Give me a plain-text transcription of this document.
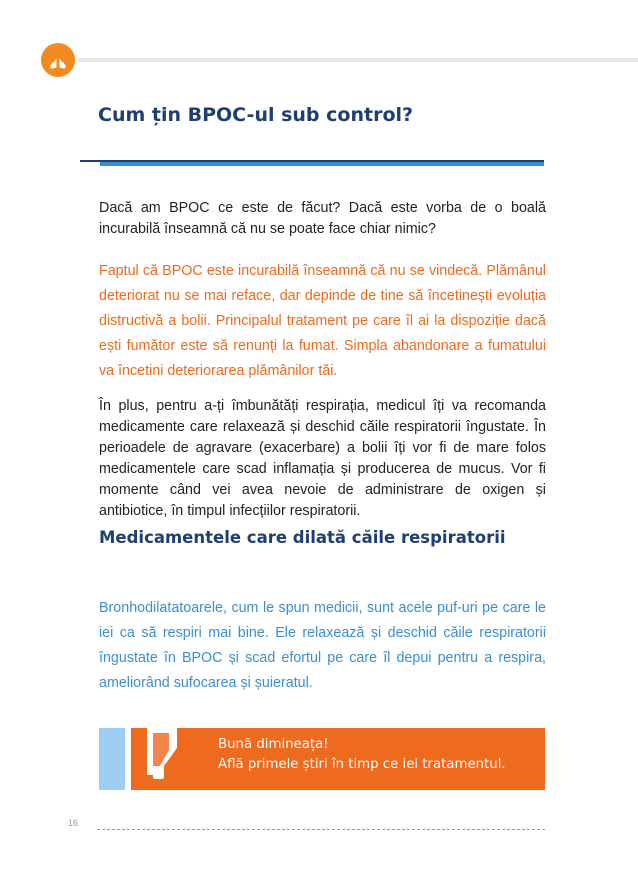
Cum țin BPOC-ul sub control?

Dacă am BPOC ce este de făcut? Dacă este vorba de o boală incurabilă înseamnă că nu se poate face chiar nimic?

Faptul că BPOC este incurabilă înseamnă că nu se vindecă. Plămânul deteriorat nu se mai reface, dar depinde de tine să încetinești evoluția distructivă a bolii. Principalul tratament pe care îl ai la dispoziție dacă ești fumător este să renunți la fumat. Simpla abandonare a fumatului va încetini deteriorarea plămânilor tăi.

În plus, pentru a-ți îmbunătăți respirația, medicul îți va recomanda medicamente care relaxează și deschid căile respiratorii îngustate. În perioadele de agravare (exacerbare) a bolii îți vor fi de mare folos medicamentele care scad inflamația și producerea de mucus. Vor fi momente când vei avea nevoie de administrare de oxigen și antibiotice, în timpul infecțiilor respiratorii.

Medicamentele care dilată căile respiratorii

Bronhodilatatoarele, cum le spun medicii, sunt acele puf-uri pe care le iei ca să respiri mai bine. Ele relaxează și deschid căile respiratorii îngustate în BPOC și scad efortul pe care îl depui pentru a respira, ameliorând sufocarea și șuieratul.

Bună dimineața!

Află primele știri în timp ce iei tratamentul.

16
